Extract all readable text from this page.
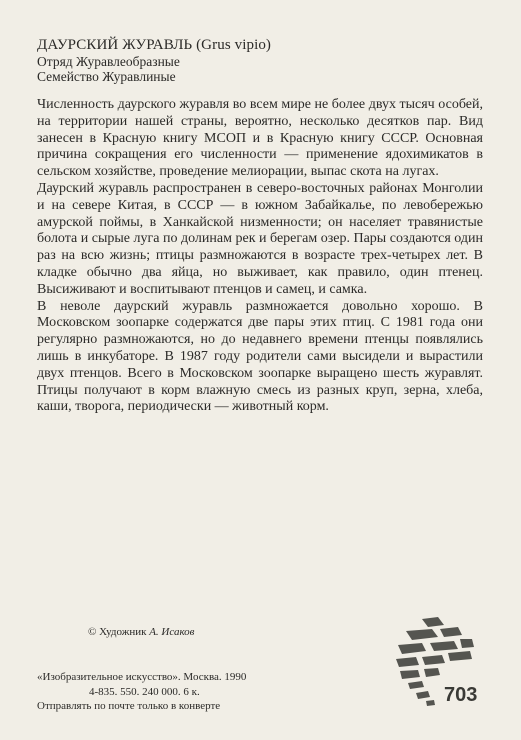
ДАУРСКИЙ ЖУРАВЛЬ (Grus vipio)

Отряд Журавлеобразные

Семейство Журавлиные

Численность даурского журавля во всем мире не более двух тысяч особей, на территории нашей страны, вероятно, несколько десятков пар. Вид занесен в Красную книгу МСОП и в Красную книгу СССР. Основная причина сокращения его численности — применение ядохимикатов в сельском хозяйстве, проведение мелиорации, выпас скота на лугах.

Даурский журавль распространен в северо-восточных районах Монголии и на севере Китая, в СССР — в южном Забайкалье, по левобережью амурской поймы, в Ханкайской низменности; он населяет травянистые болота и сырые луга по долинам рек и берегам озер. Пары создаются один раз на всю жизнь; птицы размножаются в возрасте трех-четырех лет. В кладке обычно два яйца, но выживает, как правило, один птенец. Высиживают и воспитывают птенцов и самец, и самка.

В неволе даурский журавль размножается довольно хорошо. В Московском зоопарке содержатся две пары этих птиц. С 1981 года они регулярно размножаются, но до недавнего времени птенцы появлялись лишь в инкубаторе. В 1987 году родители сами высидели и вырастили двух птенцов. Всего в Московском зоопарке выращено шесть журавлят. Птицы получают в корм влажную смесь из разных круп, зерна, хлеба, каши, творога, периодически — животный корм.

© Художник А. Исаков
«Изобразительное искусство». Москва. 1990
4-835. 550. 240 000. 6 к.
Отправлять по почте только в конверте	703
